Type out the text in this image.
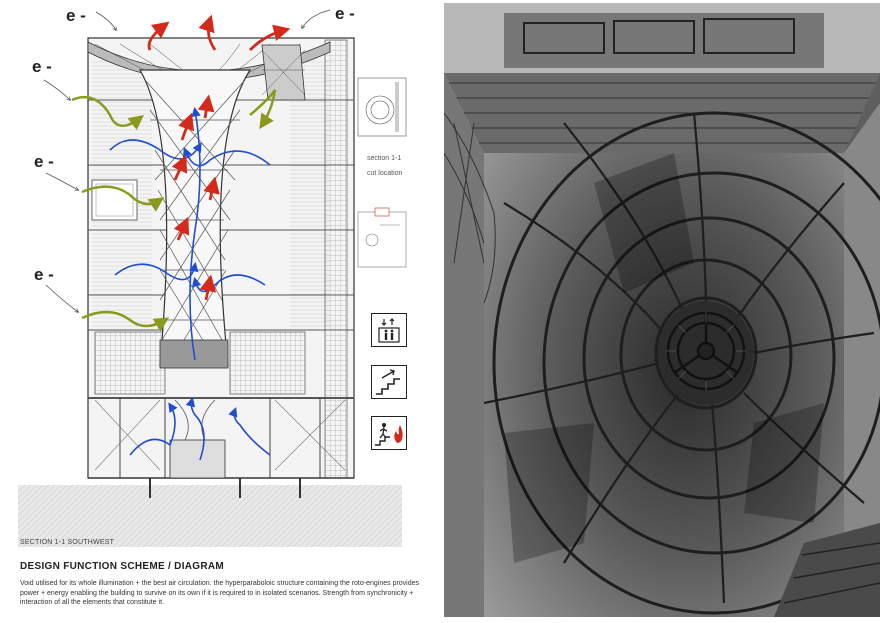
e -	e -
e -
e -
e -
section 1-1
cut location
SECTION 1-1 SOUTHWEST
DESIGN FUNCTION SCHEME / DIAGRAM
Void utilised for its whole illumination + the best air circulation. the hyperparaboloic structure containing the roto-engines provides power + energy enabling the building to survive on its own if it is required to in isolated scenarios. Strength from synchronicity + interaction of all the elements that constitute it.
